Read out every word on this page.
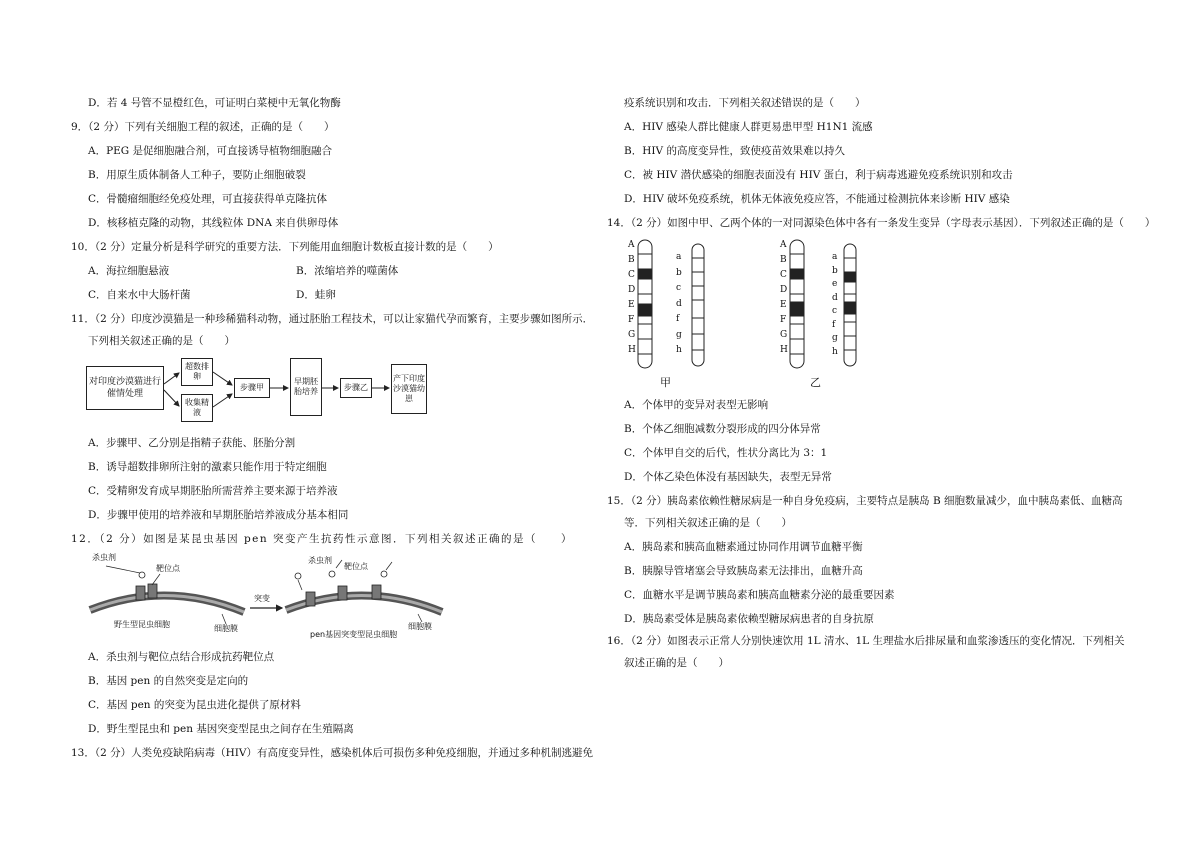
D．若 4 号管不显橙红色，可证明白菜梗中无氧化物酶
9．（2 分）下列有关细胞工程的叙述，正确的是（　　）
A．PEG 是促细胞融合剂，可直接诱导植物细胞融合
B．用原生质体制备人工种子，要防止细胞破裂
C．骨髓瘤细胞经免疫处理，可直接获得单克隆抗体
D．核移植克隆的动物，其线粒体 DNA 来自供卵母体
10．（2 分）定量分析是科学研究的重要方法．下列能用血细胞计数板直接计数的是（　　）
A．海拉细胞悬液	B．浓缩培养的噬菌体
C．自来水中大肠杆菌	D．蛙卵
11．（2 分）印度沙漠猫是一种珍稀猫科动物，通过胚胎工程技术，可以让家猫代孕而繁育，主要步骤如图所示．
下列相关叙述正确的是（　　）
对印度沙漠猫进行催情处理
超数排卵
收集精液
步骤甲
早期胚胎培养	步骤乙
产下印度沙漠猫幼崽
A．步骤甲、乙分别是指精子获能、胚胎分割
B．诱导超数排卵所注射的激素只能作用于特定细胞
C．受精卵发育成早期胚胎所需营养主要来源于培养液
D．步骤甲使用的培养液和早期胚胎培养液成分基本相同
12．（2 分）如图是某昆虫基因 pen 突变产生抗药性示意图．下列相关叙述正确的是（　　）
杀虫剂
靶位点
野生型昆虫细胞	细胞膜
突变
杀虫剂
靶位点
细胞膜
pen基因突变型昆虫细胞
A．杀虫剂与靶位点结合形成抗药靶位点
B．基因 pen 的自然突变是定向的
C．基因 pen 的突变为昆虫进化提供了原材料
D．野生型昆虫和 pen 基因突变型昆虫之间存在生殖隔离
13．（2 分）人类免疫缺陷病毒（HIV）有高度变异性，感染机体后可损伤多种免疫细胞，并通过多种机制逃避免
疫系统识别和攻击．下列相关叙述错误的是（　　）
A．HIV 感染人群比健康人群更易患甲型 H1N1 流感
B．HIV 的高度变异性，致使疫苗效果难以持久
C．被 HIV 潜伏感染的细胞表面没有 HIV 蛋白，利于病毒逃避免疫系统识别和攻击
D．HIV 破坏免疫系统，机体无体液免疫应答，不能通过检测抗体来诊断 HIV 感染
14．（2 分）如图中甲、乙两个体的一对同源染色体中各有一条发生变异（字母表示基因）．下列叙述正确的是（　　）
甲	乙
A
B
C
D
E
F
G
H
a
b
c
d
f
g
h
A
B
C
D
E
F
G
H
a
b
e
d
c
f
g
h
A．个体甲的变异对表型无影响
B．个体乙细胞减数分裂形成的四分体异常
C．个体甲自交的后代，性状分离比为 3：1
D．个体乙染色体没有基因缺失，表型无异常
15．（2 分）胰岛素依赖性糖尿病是一种自身免疫病，主要特点是胰岛 B 细胞数量减少，血中胰岛素低、血糖高
等．下列相关叙述正确的是（　　）
A．胰岛素和胰高血糖素通过协同作用调节血糖平衡
B．胰腺导管堵塞会导致胰岛素无法排出，血糖升高
C．血糖水平是调节胰岛素和胰高血糖素分泌的最重要因素
D．胰岛素受体是胰岛素依赖型糖尿病患者的自身抗原
16．（2 分）如图表示正常人分别快速饮用 1L 清水、1L 生理盐水后排尿量和血浆渗透压的变化情况．下列相关
叙述正确的是（　　）
